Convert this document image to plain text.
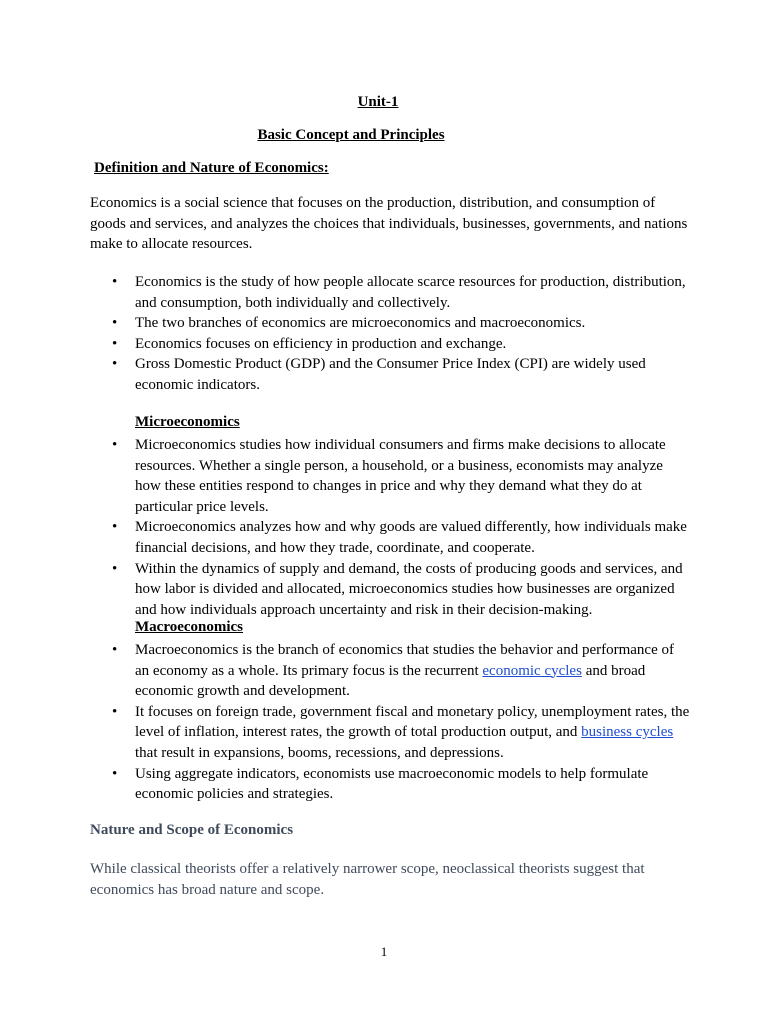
Unit-1
Basic Concept and Principles
Definition and Nature of Economics:
Economics is a social science that focuses on the production, distribution, and consumption of goods and services, and analyzes the choices that individuals, businesses, governments, and nations make to allocate resources.
• Economics is the study of how people allocate scarce resources for production, distribution, and consumption, both individually and collectively.
• The two branches of economics are microeconomics and macroeconomics.
• Economics focuses on efficiency in production and exchange.
• Gross Domestic Product (GDP) and the Consumer Price Index (CPI) are widely used economic indicators.
Microeconomics
• Microeconomics studies how individual consumers and firms make decisions to allocate resources. Whether a single person, a household, or a business, economists may analyze how these entities respond to changes in price and why they demand what they do at particular price levels.
• Microeconomics analyzes how and why goods are valued differently, how individuals make financial decisions, and how they trade, coordinate, and cooperate.
• Within the dynamics of supply and demand, the costs of producing goods and services, and how labor is divided and allocated, microeconomics studies how businesses are organized and how individuals approach uncertainty and risk in their decision-making.
Macroeconomics
• Macroeconomics is the branch of economics that studies the behavior and performance of an economy as a whole. Its primary focus is the recurrent economic cycles and broad economic growth and development.
• It focuses on foreign trade, government fiscal and monetary policy, unemployment rates, the level of inflation, interest rates, the growth of total production output, and business cycles that result in expansions, booms, recessions, and depressions.
• Using aggregate indicators, economists use macroeconomic models to help formulate economic policies and strategies.
Nature and Scope of Economics
While classical theorists offer a relatively narrower scope, neoclassical theorists suggest that economics has broad nature and scope.
1
